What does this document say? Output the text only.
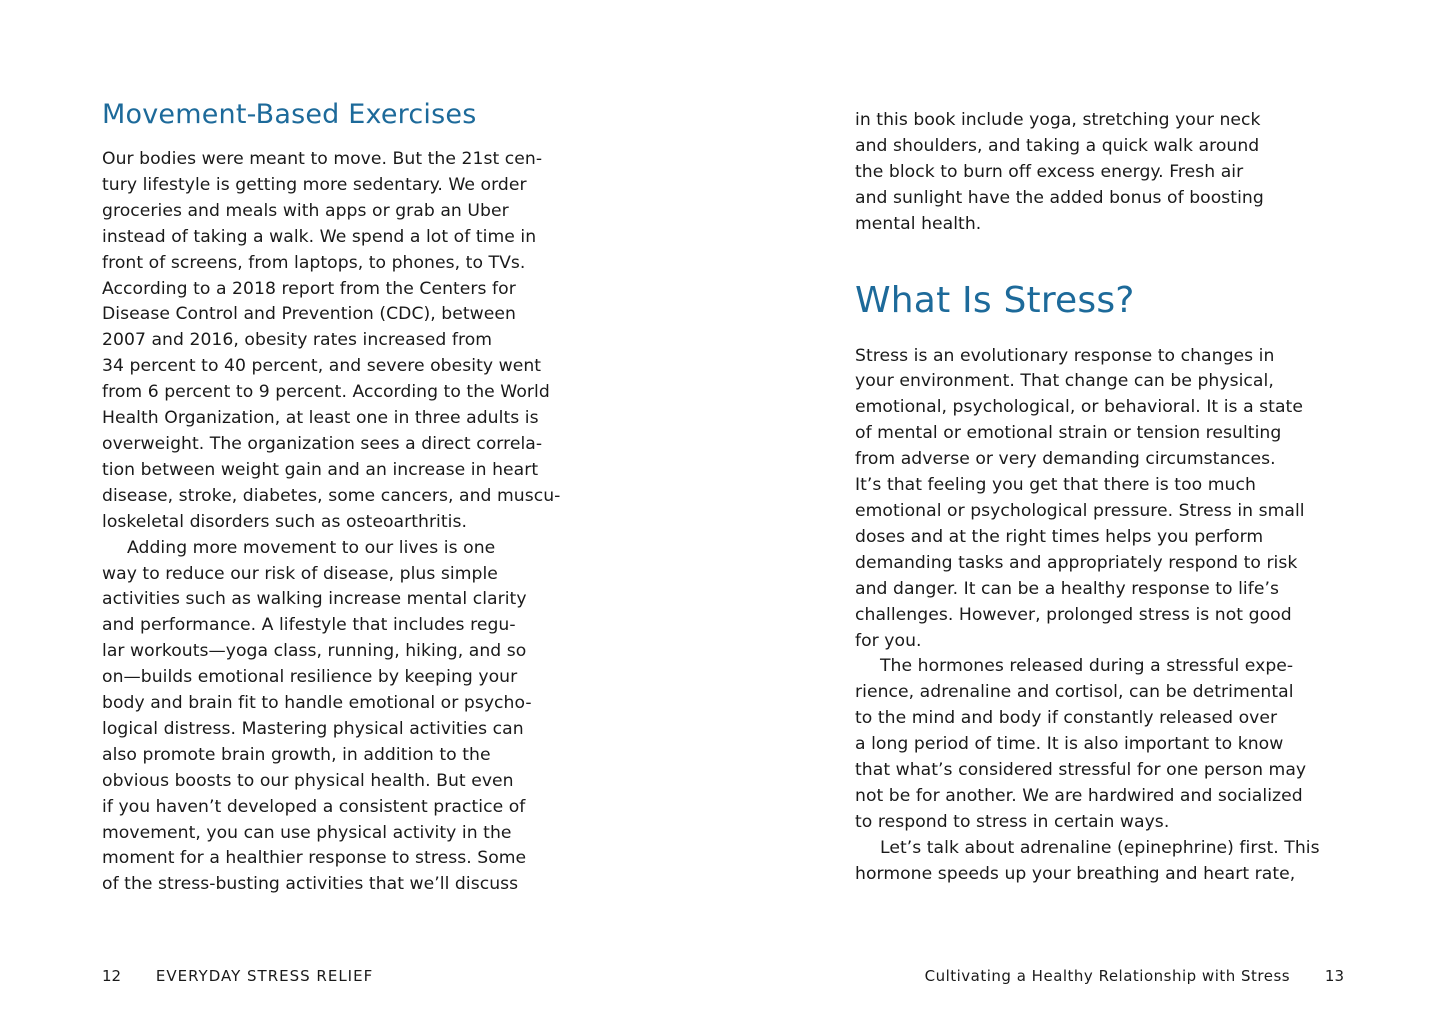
Movement-Based Exercises
Our bodies were meant to move. But the 21st cen-
tury lifestyle is getting more sedentary. We order
groceries and meals with apps or grab an Uber
instead of taking a walk. We spend a lot of time in
front of screens, from laptops, to phones, to TVs.
According to a 2018 report from the Centers for
Disease Control and Prevention (CDC), between
2007 and 2016, obesity rates increased from
34 percent to 40 percent, and severe obesity went
from 6 percent to 9 percent. According to the World
Health Organization, at least one in three adults is
overweight. The organization sees a direct correla-
tion between weight gain and an increase in heart
disease, stroke, diabetes, some cancers, and muscu-
loskeletal disorders such as osteoarthritis.
Adding more movement to our lives is one
way to reduce our risk of disease, plus simple
activities such as walking increase mental clarity
and performance. A lifestyle that includes regu-
lar workouts—yoga class, running, hiking, and so
on—builds emotional resilience by keeping your
body and brain fit to handle emotional or psycho-
logical distress. Mastering physical activities can
also promote brain growth, in addition to the
obvious boosts to our physical health. But even
if you haven’t developed a consistent practice of
movement, you can use physical activity in the
moment for a healthier response to stress. Some
of the stress-busting activities that we’ll discuss
12 EVERYDAY STRESS RELIEF
in this book include yoga, stretching your neck
and shoulders, and taking a quick walk around
the block to burn off excess energy. Fresh air
and sunlight have the added bonus of boosting
mental health.
What Is Stress?
Stress is an evolutionary response to changes in
your environment. That change can be physical,
emotional, psychological, or behavioral. It is a state
of mental or emotional strain or tension resulting
from adverse or very demanding circumstances.
It’s that feeling you get that there is too much
emotional or psychological pressure. Stress in small
doses and at the right times helps you perform
demanding tasks and appropriately respond to risk
and danger. It can be a healthy response to life’s
challenges. However, prolonged stress is not good
for you.
The hormones released during a stressful expe-
rience, adrenaline and cortisol, can be detrimental
to the mind and body if constantly released over
a long period of time. It is also important to know
that what’s considered stressful for one person may
not be for another. We are hardwired and socialized
to respond to stress in certain ways.
Let’s talk about adrenaline (epinephrine) first. This
hormone speeds up your breathing and heart rate,
Cultivating a Healthy Relationship with Stress 13
